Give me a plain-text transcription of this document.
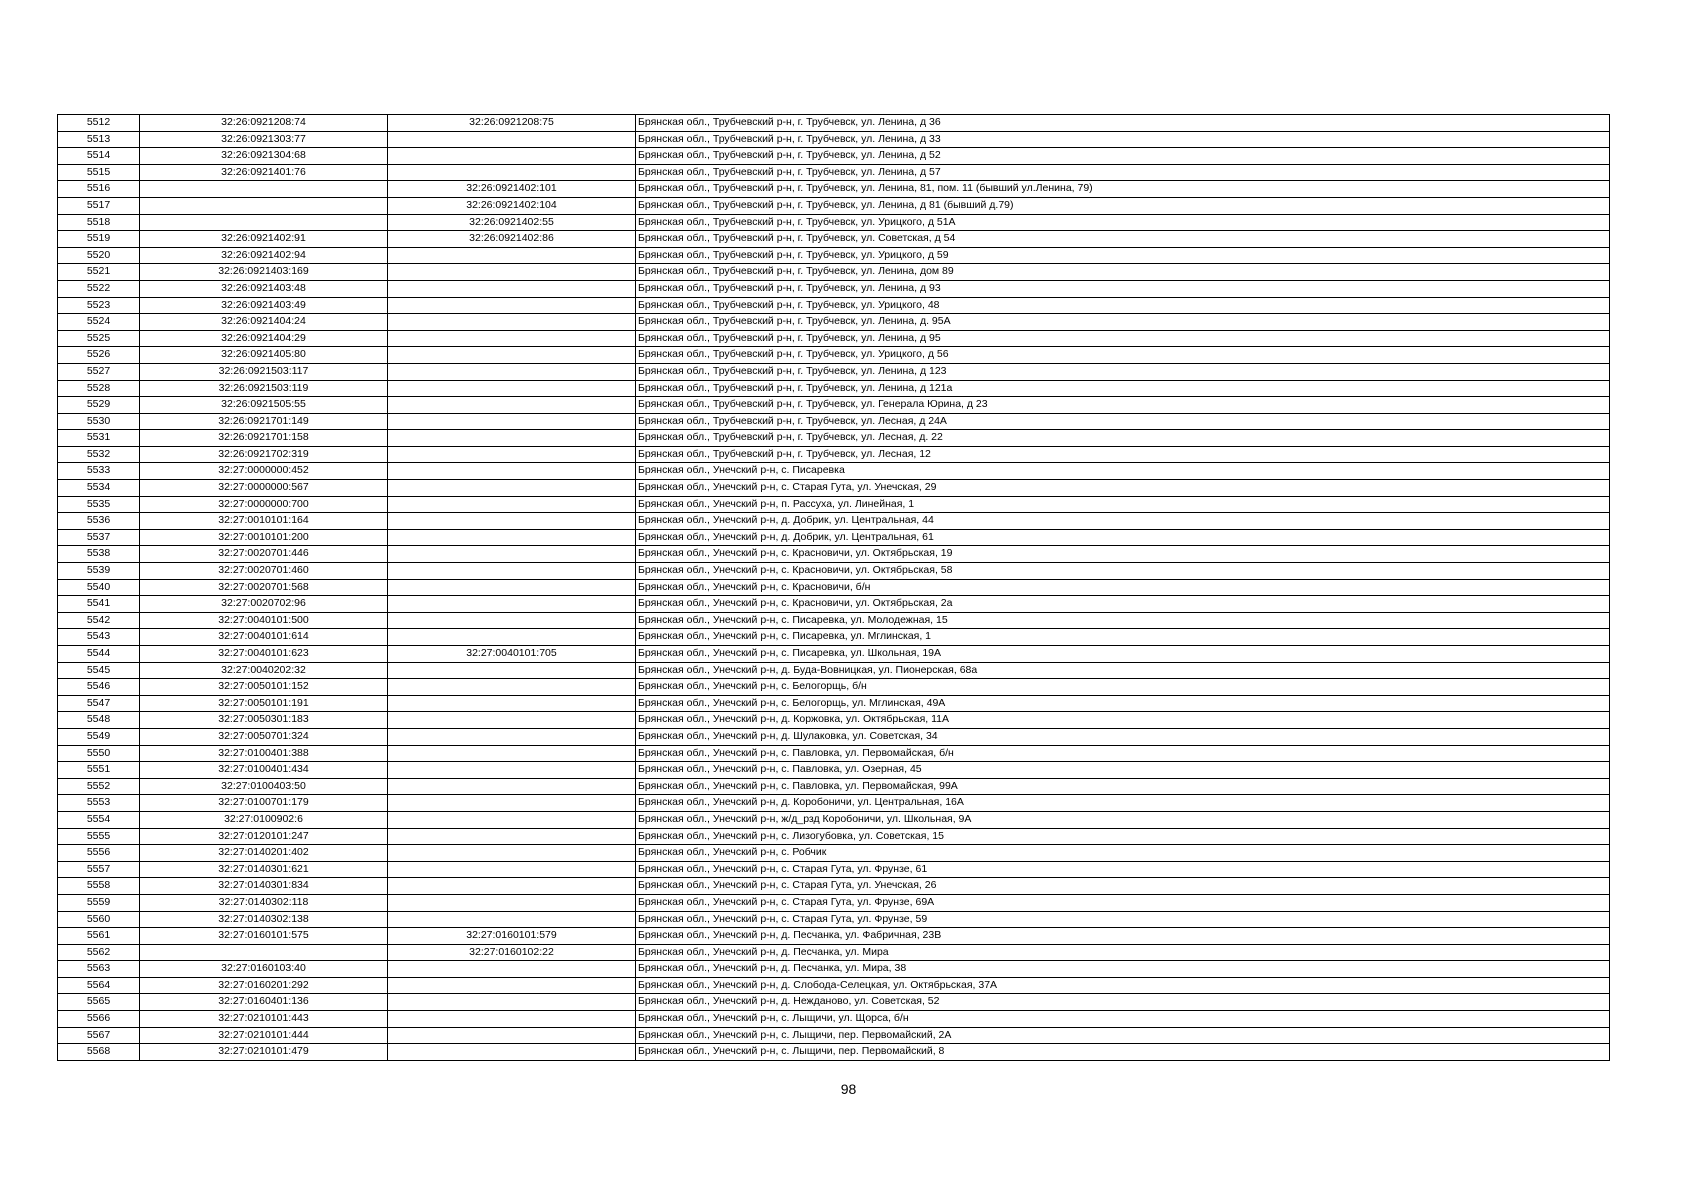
5512	32:26:0921208:74	32:26:0921208:75	Брянская обл., Трубчевский р-н, г. Трубчевск, ул. Ленина, д 36
5513	32:26:0921303:77		Брянская обл., Трубчевский р-н, г. Трубчевск, ул. Ленина, д 33
5514	32:26:0921304:68		Брянская обл., Трубчевский р-н, г. Трубчевск, ул. Ленина, д 52
5515	32:26:0921401:76		Брянская обл., Трубчевский р-н, г. Трубчевск, ул. Ленина, д 57
5516		32:26:0921402:101	Брянская обл., Трубчевский р-н, г. Трубчевск, ул. Ленина, 81, пом. 11 (бывший ул.Ленина, 79)
5517		32:26:0921402:104	Брянская обл., Трубчевский р-н, г. Трубчевск, ул. Ленина, д 81 (бывший д.79)
5518		32:26:0921402:55	Брянская обл., Трубчевский р-н, г. Трубчевск, ул. Урицкого, д 51А
5519	32:26:0921402:91	32:26:0921402:86	Брянская обл., Трубчевский р-н, г. Трубчевск, ул. Советская, д 54
5520	32:26:0921402:94		Брянская обл., Трубчевский р-н, г. Трубчевск, ул. Урицкого, д 59
5521	32:26:0921403:169		Брянская обл., Трубчевский р-н, г. Трубчевск, ул. Ленина, дом 89
5522	32:26:0921403:48		Брянская обл., Трубчевский р-н, г. Трубчевск, ул. Ленина, д 93
5523	32:26:0921403:49		Брянская обл., Трубчевский р-н, г. Трубчевск, ул. Урицкого, 48
5524	32:26:0921404:24		Брянская обл., Трубчевский р-н, г. Трубчевск, ул. Ленина, д. 95А
5525	32:26:0921404:29		Брянская обл., Трубчевский р-н, г. Трубчевск, ул. Ленина, д 95
5526	32:26:0921405:80		Брянская обл., Трубчевский р-н, г. Трубчевск, ул. Урицкого, д 56
5527	32:26:0921503:117		Брянская обл., Трубчевский р-н, г. Трубчевск, ул. Ленина, д 123
5528	32:26:0921503:119		Брянская обл., Трубчевский р-н, г. Трубчевск, ул. Ленина, д 121а
5529	32:26:0921505:55		Брянская обл., Трубчевский р-н, г. Трубчевск, ул. Генерала Юрина, д 23
5530	32:26:0921701:149		Брянская обл., Трубчевский р-н, г. Трубчевск, ул. Лесная, д 24А
5531	32:26:0921701:158		Брянская обл., Трубчевский р-н, г. Трубчевск, ул. Лесная, д. 22
5532	32:26:0921702:319		Брянская обл., Трубчевский р-н, г. Трубчевск, ул. Лесная, 12
5533	32:27:0000000:452		Брянская обл., Унечский р-н, с. Писаревка
5534	32:27:0000000:567		Брянская обл., Унечский р-н, с. Старая Гута, ул. Унечская, 29
5535	32:27:0000000:700		Брянская обл., Унечский р-н, п. Рассуха, ул. Линейная, 1
5536	32:27:0010101:164		Брянская обл., Унечский р-н, д. Добрик, ул. Центральная, 44
5537	32:27:0010101:200		Брянская обл., Унечский р-н, д. Добрик, ул. Центральная, 61
5538	32:27:0020701:446		Брянская обл., Унечский р-н, с. Красновичи, ул. Октябрьская, 19
5539	32:27:0020701:460		Брянская обл., Унечский р-н, с. Красновичи, ул. Октябрьская, 58
5540	32:27:0020701:568		Брянская обл., Унечский р-н, с. Красновичи, б/н
5541	32:27:0020702:96		Брянская обл., Унечский р-н, с. Красновичи, ул. Октябрьская, 2а
5542	32:27:0040101:500		Брянская обл., Унечский р-н, с. Писаревка, ул. Молодежная, 15
5543	32:27:0040101:614		Брянская обл., Унечский р-н, с. Писаревка, ул. Мглинская, 1
5544	32:27:0040101:623	32:27:0040101:705	Брянская обл., Унечский р-н, с. Писаревка, ул. Школьная, 19А
5545	32:27:0040202:32		Брянская обл., Унечский р-н, д. Буда-Вовницкая, ул. Пионерская, 68а
5546	32:27:0050101:152		Брянская обл., Унечский р-н, с. Белогорщь, б/н
5547	32:27:0050101:191		Брянская обл., Унечский р-н, с. Белогорщь, ул. Мглинская, 49А
5548	32:27:0050301:183		Брянская обл., Унечский р-н, д. Коржовка, ул. Октябрьская, 11А
5549	32:27:0050701:324		Брянская обл., Унечский р-н, д. Шулаковка, ул. Советская, 34
5550	32:27:0100401:388		Брянская обл., Унечский р-н, с. Павловка, ул. Первомайская, б/н
5551	32:27:0100401:434		Брянская обл., Унечский р-н, с. Павловка, ул. Озерная, 45
5552	32:27:0100403:50		Брянская обл., Унечский р-н, с. Павловка, ул. Первомайская, 99А
5553	32:27:0100701:179		Брянская обл., Унечский р-н, д. Коробоничи, ул. Центральная, 16А
5554	32:27:0100902:6		Брянская обл., Унечский р-н, ж/д_рзд Коробоничи, ул. Школьная, 9А
5555	32:27:0120101:247		Брянская обл., Унечский р-н, с. Лизогубовка, ул. Советская, 15
5556	32:27:0140201:402		Брянская обл., Унечский р-н, с. Робчик
5557	32:27:0140301:621		Брянская обл., Унечский р-н, с. Старая Гута, ул. Фрунзе, 61
5558	32:27:0140301:834		Брянская обл., Унечский р-н, с. Старая Гута, ул. Унечская, 26
5559	32:27:0140302:118		Брянская обл., Унечский р-н, с. Старая Гута, ул. Фрунзе, 69А
5560	32:27:0140302:138		Брянская обл., Унечский р-н, с. Старая Гута, ул. Фрунзе, 59
5561	32:27:0160101:575	32:27:0160101:579	Брянская обл., Унечский р-н, д. Песчанка, ул. Фабричная, 23В
5562		32:27:0160102:22	Брянская обл., Унечский р-н, д. Песчанка, ул. Мира
5563	32:27:0160103:40		Брянская обл., Унечский р-н, д. Песчанка, ул. Мира, 38
5564	32:27:0160201:292		Брянская обл., Унечский р-н, д. Слобода-Селецкая, ул. Октябрьская, 37А
5565	32:27:0160401:136		Брянская обл., Унечский р-н, д. Нежданово, ул. Советская, 52
5566	32:27:0210101:443		Брянская обл., Унечский р-н, с. Лыщичи, ул. Щорса, б/н
5567	32:27:0210101:444		Брянская обл., Унечский р-н, с. Лыщичи, пер. Первомайский, 2А
5568	32:27:0210101:479		Брянская обл., Унечский р-н, с. Лыщичи, пер. Первомайский, 8
98
